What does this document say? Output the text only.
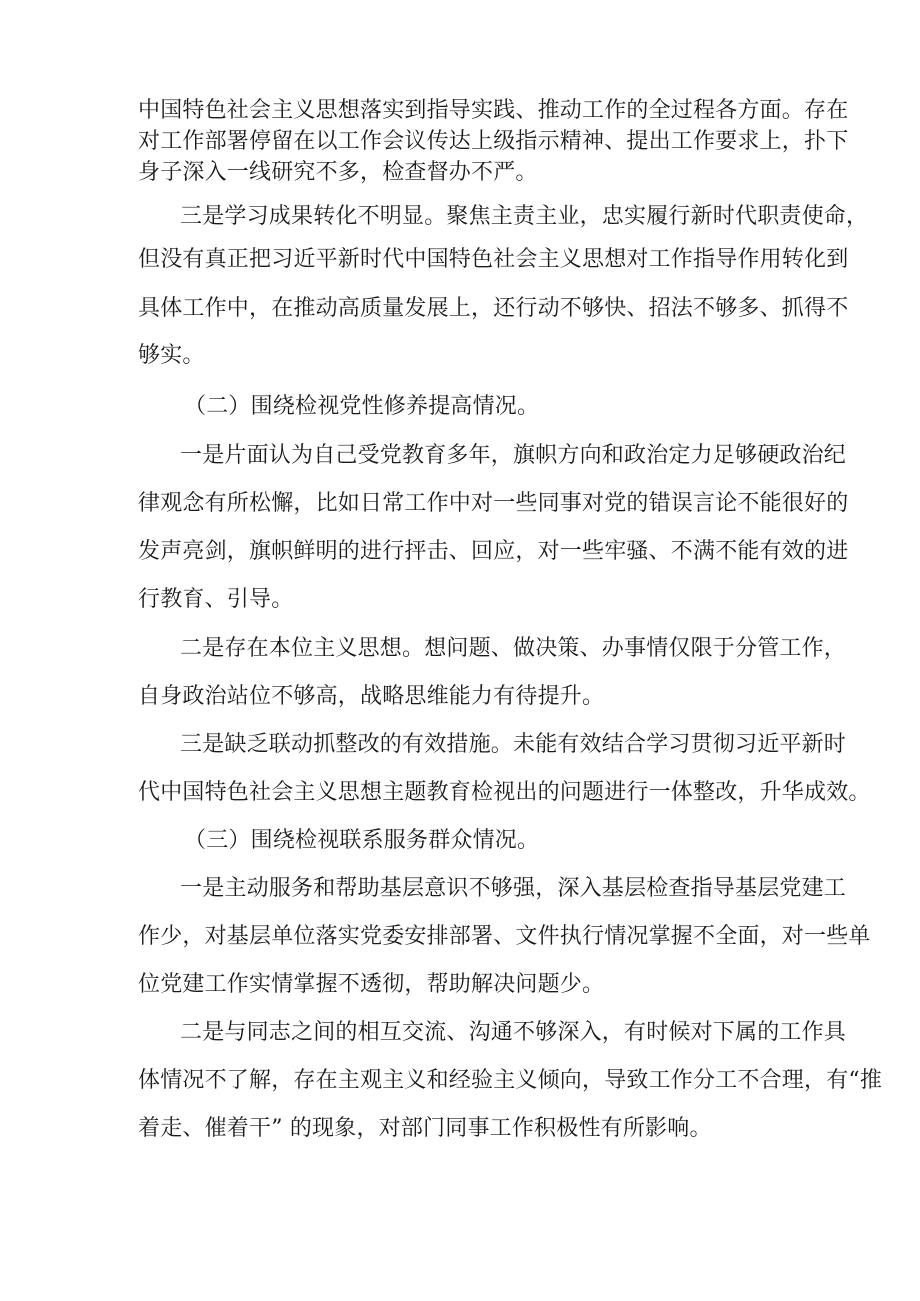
中国特色社会主义思想落实到指导实践、推动工作的全过程各方面。存在

对工作部署停留在以工作会议传达上级指示精神、提出工作要求上，扑下

身子深入一线研究不多，检查督办不严。

三是学习成果转化不明显。聚焦主责主业，忠实履行新时代职责使命，

但没有真正把习近平新时代中国特色社会主义思想对工作指导作用转化到

具体工作中，在推动高质量发展上，还行动不够快、招法不够多、抓得不

够实。

（二）围绕检视党性修养提高情况。

一是片面认为自己受党教育多年，旗帜方向和政治定力足够硬政治纪

律观念有所松懈，比如日常工作中对一些同事对党的错误言论不能很好的

发声亮剑，旗帜鲜明的进行抨击、回应，对一些牢骚、不满不能有效的进

行教育、引导。

二是存在本位主义思想。想问题、做决策、办事情仅限于分管工作，

自身政治站位不够高，战略思维能力有待提升。

三是缺乏联动抓整改的有效措施。未能有效结合学习贯彻习近平新时

代中国特色社会主义思想主题教育检视出的问题进行一体整改，升华成效。

（三）围绕检视联系服务群众情况。

一是主动服务和帮助基层意识不够强，深入基层检查指导基层党建工

作少，对基层单位落实党委安排部署、文件执行情况掌握不全面，对一些单

位党建工作实情掌握不透彻，帮助解决问题少。

二是与同志之间的相互交流、沟通不够深入，有时候对下属的工作具

体情况不了解，存在主观主义和经验主义倾向，导致工作分工不合理，有“推

着走、催着干” 的现象，对部门同事工作积极性有所影响。
